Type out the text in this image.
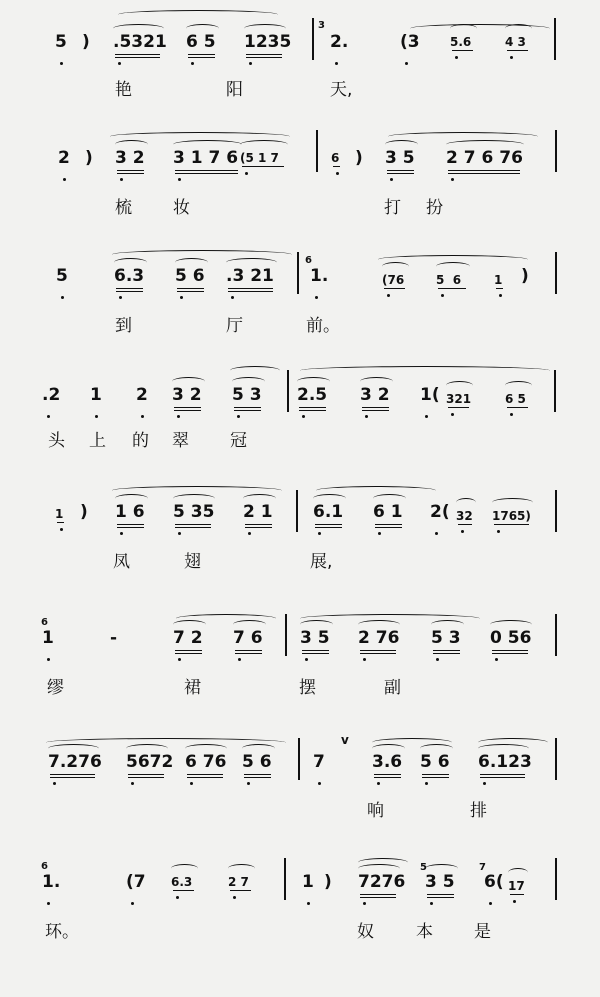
5 ) .5321 6 5 1235 2.	(3	5.6	4 3
艳	阳	天,
3
2 ) 3 2 3 1 7 6 (5 1 7	6 ) 3 5 2 7 6 76
梳 妆	打 扮
5	6.3 5 6 .3 21 1.	(76	5  6	1 )
到	厅	前。
6
.2 1 2 3 2 5 3 2.5 3 2 1( 321	6 5
头 上 的 翠 冠
1 ) 1 6 5 35 2 1 6.1 6 1 2( 32 1765)
凤	翅	展,
1	-	7 2 7 6 3 5 2 76 5 3 0 56
缪	裙	摆	副
6
7.276 5672 6 76 5 6 7
v
3.6 5 6 6.123
响	排
1.	(7 6.3	2 7	1 ) 7276 3 5 6( 17
环。	奴 本 是
6	5	7
